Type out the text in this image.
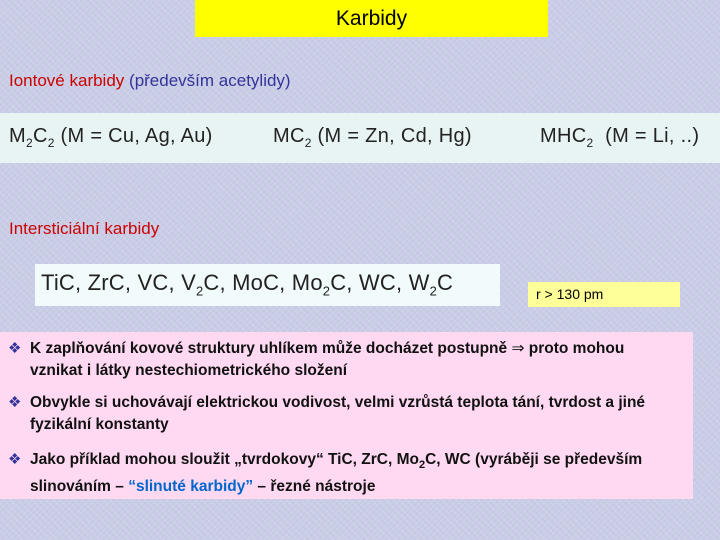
Karbidy
Iontové karbidy (především acetylidy)
$M_2C_2$ (M = Cu, Ag, Au)	$MC_2$ (M = Zn, Cd, Hg)	$MHC_2$  (M = Li, ..)
Intersticiální karbidy
TiC, ZrC, VC, $V_2C$, MoC, $Mo_2C$, WC, $W_2C$	r > 130 pm
❖ K zaplňování kovové struktury uhlíkem může docházet postupně ⇒ proto mohou vznikat i látky nestechiometrického složení
❖ Obvykle si uchovávají elektrickou vodivost, velmi vzrůstá teplota tání, tvrdost a jiné fyzikální konstanty
❖ Jako příklad mohou sloužit „tvrdokovy“ TiC, ZrC, $Mo_2C$, WC (vyráběji se především slinováním – “slinuté karbidy” – řezné nástroje
